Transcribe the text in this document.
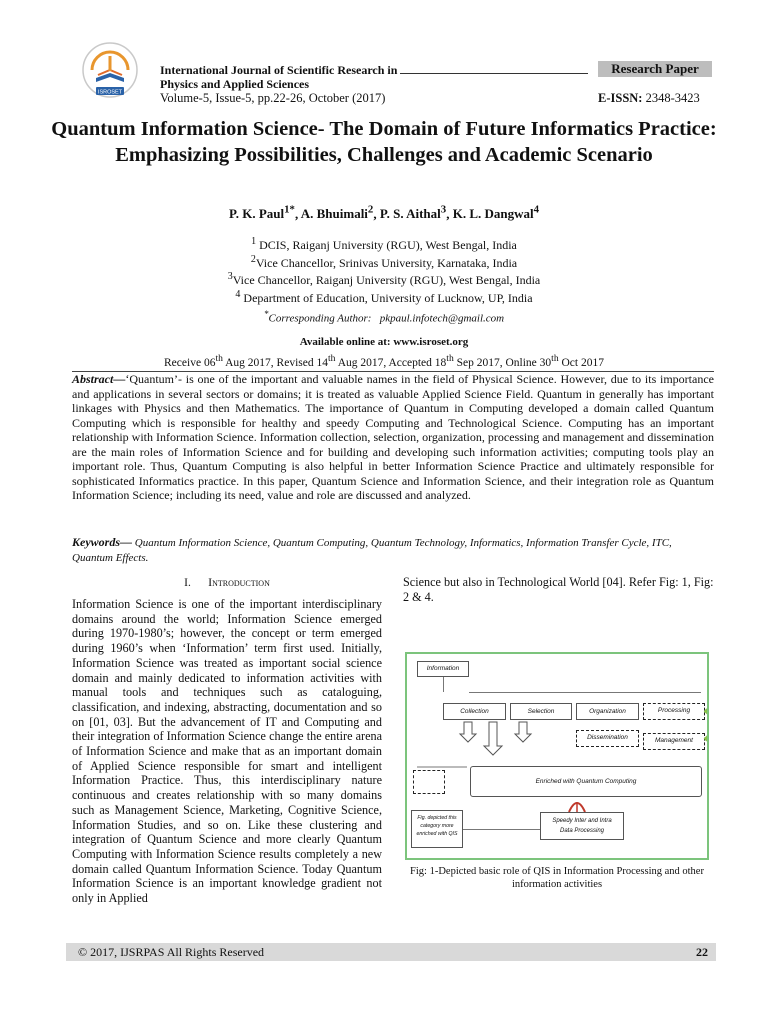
ISROSET
International Journal of Scientific Research in
Physics and Applied Sciences
Volume-5, Issue-5, pp.22-26, October (2017)
Research Paper
E-ISSN: 2348-3423
Quantum Information Science- The Domain of Future Informatics Practice: Emphasizing Possibilities, Challenges and Academic Scenario
P. K. Paul$^{1*}$, A. Bhuimali$^2$, P. S. Aithal$^3$, K. L. Dangwal$^4$
$^1$ DCIS, Raiganj University (RGU), West Bengal, India
$^2$Vice Chancellor, Srinivas University, Karnataka, India
$^3$Vice Chancellor, Raiganj University (RGU), West Bengal, India
$^4$ Department of Education, University of Lucknow, UP, India
*Corresponding Author: pkpaul.infotech@gmail.com
Available online at: www.isroset.org
Receive 06th Aug 2017, Revised 14th Aug 2017, Accepted 18th Sep 2017, Online 30th Oct 2017
Abstract—‘Quantum’- is one of the important and valuable names in the field of Physical Science. However, due to its importance and applications in several sectors or domains; it is treated as valuable Applied Science Field. Quantum in generally has important linkages with Physics and then Mathematics. The importance of Quantum in Computing developed a domain called Quantum Computing which is responsible for healthy and speedy Computing and Technological Science. Computing has an important relationship with Information Science. Information collection, selection, organization, processing and management and dissemination are the main roles of Information Science and for building and developing such information activities; computing tools play an important role. Thus, Quantum Computing is also helpful in better Information Science Practice and ultimately responsible for sophisticated Informatics practice. In this paper, Quantum Science and Information Science, and their integration role as Quantum Information Science; including its need, value and role are discussed and analyzed.
Keywords— Quantum Information Science, Quantum Computing, Quantum Technology, Informatics, Information Transfer Cycle, ITC, Quantum Effects.
I. Introduction
Information Science is one of the important interdisciplinary domains around the world; Information Science emerged during 1970-1980’s; however, the concept or term emerged during 1960’s when ‘Information’ term first used. Initially, Information Science was treated as important social science domain and mainly dedicated to information activities with manual tools and techniques such as cataloguing, classification, and indexing, abstracting, documentation and so on [01, 03]. But the advancement of IT and Computing and their integration of Information Science change the entire arena of Information Science and make that as an important domain of Applied Science responsible for smart and intelligent Information Practice. Thus, this interdisciplinary nature continuous and creates relationship with so many domains such as Management Science, Marketing, Cognitive Science, Information Studies, and so on. Like these clustering and integration of Quantum Science and more clearly Quantum Computing with Information Science results completely a new domain called Quantum Information Science. Today Quantum Information Science is an important knowledge gradient not only in Applied
Science but also in Technological World [04]. Refer Fig: 1, Fig: 2 & 4.
Information
Collection	Selection	Organization	Processing
Dissemination	Management
Enriched with Quantum Computing
Fig. depicted this category more enriched with QIS
Speedy Inter and Intra Data Processing
Fig: 1-Depicted basic role of QIS in Information Processing and other information activities
© 2017, IJSRPAS All Rights Reserved	22
